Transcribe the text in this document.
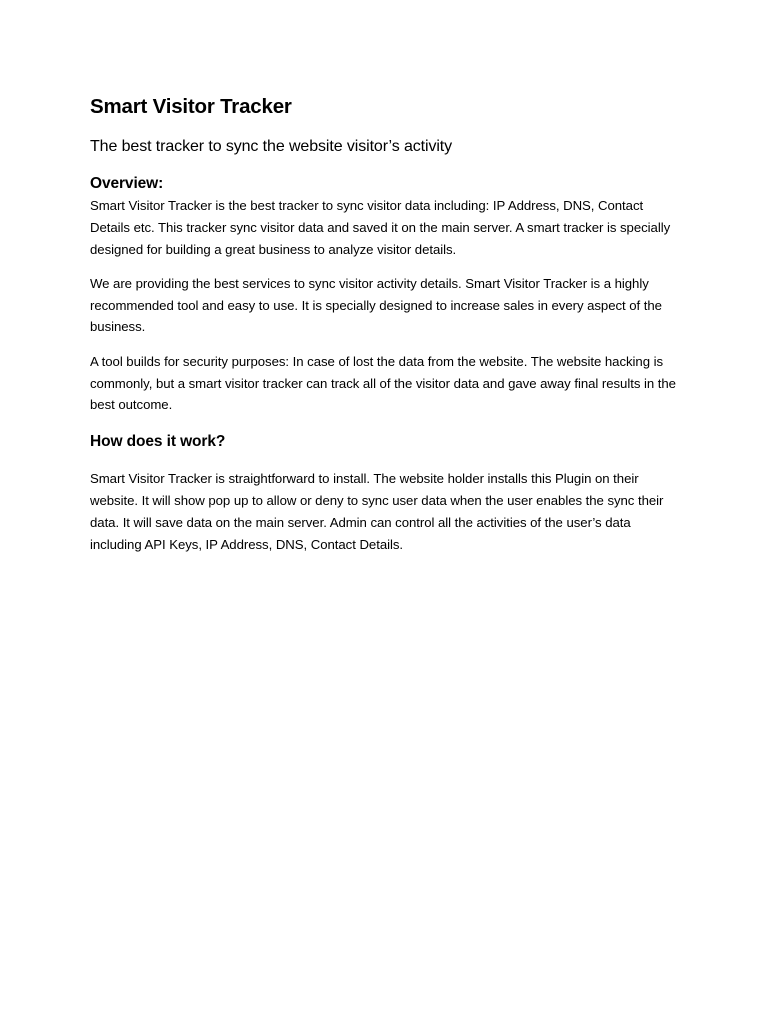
Smart Visitor Tracker

The best tracker to sync the website visitor’s activity

Overview:

Smart Visitor Tracker is the best tracker to sync visitor data including: IP Address, DNS, Contact Details etc. This tracker sync visitor data and saved it on the main server. A smart tracker is specially designed for building a great business to analyze visitor details.

We are providing the best services to sync visitor activity details. Smart Visitor Tracker is a highly recommended tool and easy to use. It is specially designed to increase sales in every aspect of the business.

A tool builds for security purposes: In case of lost the data from the website. The website hacking is commonly, but a smart visitor tracker can track all of the visitor data and gave away final results in the best outcome.

How does it work?

Smart Visitor Tracker is straightforward to install. The website holder installs this Plugin on their website. It will show pop up to allow or deny to sync user data when the user enables the sync their data. It will save data on the main server. Admin can control all the activities of the user’s data including API Keys, IP Address, DNS, Contact Details.
